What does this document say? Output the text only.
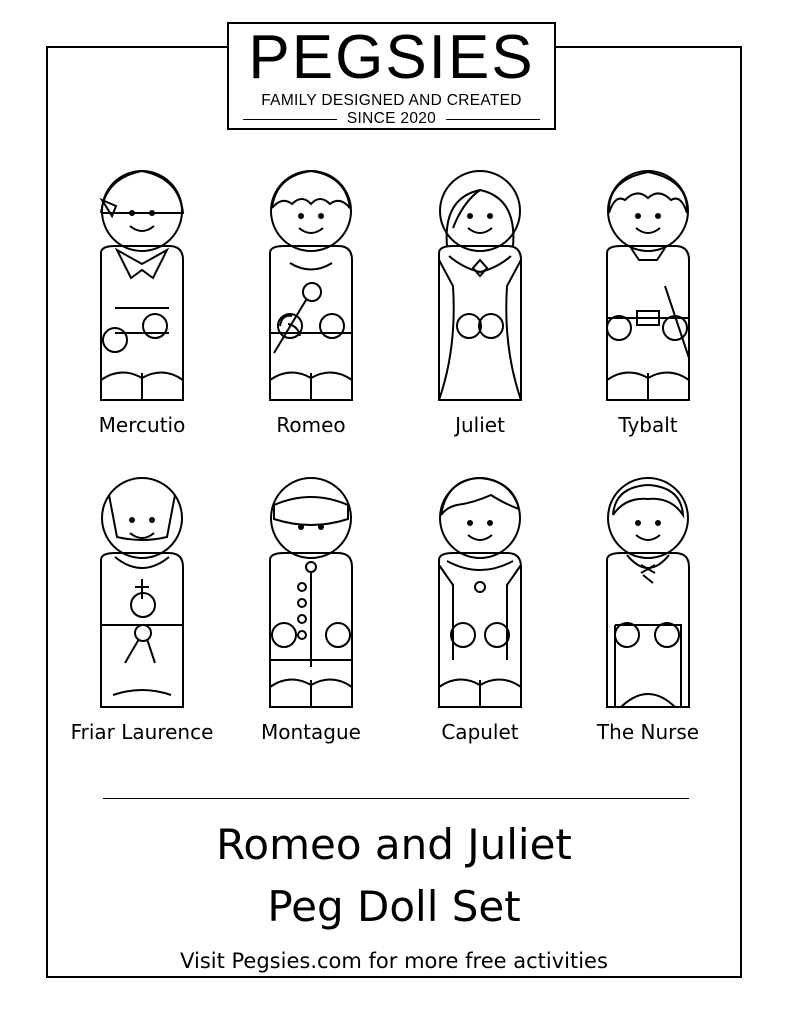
PEGSIES
FAMILY DESIGNED AND CREATED
SINCE 2020
Mercutio	Romeo	Juliet	Tybalt
Friar Laurence	Montague	Capulet	The Nurse
Romeo and Juliet
Peg Doll Set
Visit Pegsies.com for more free activities
